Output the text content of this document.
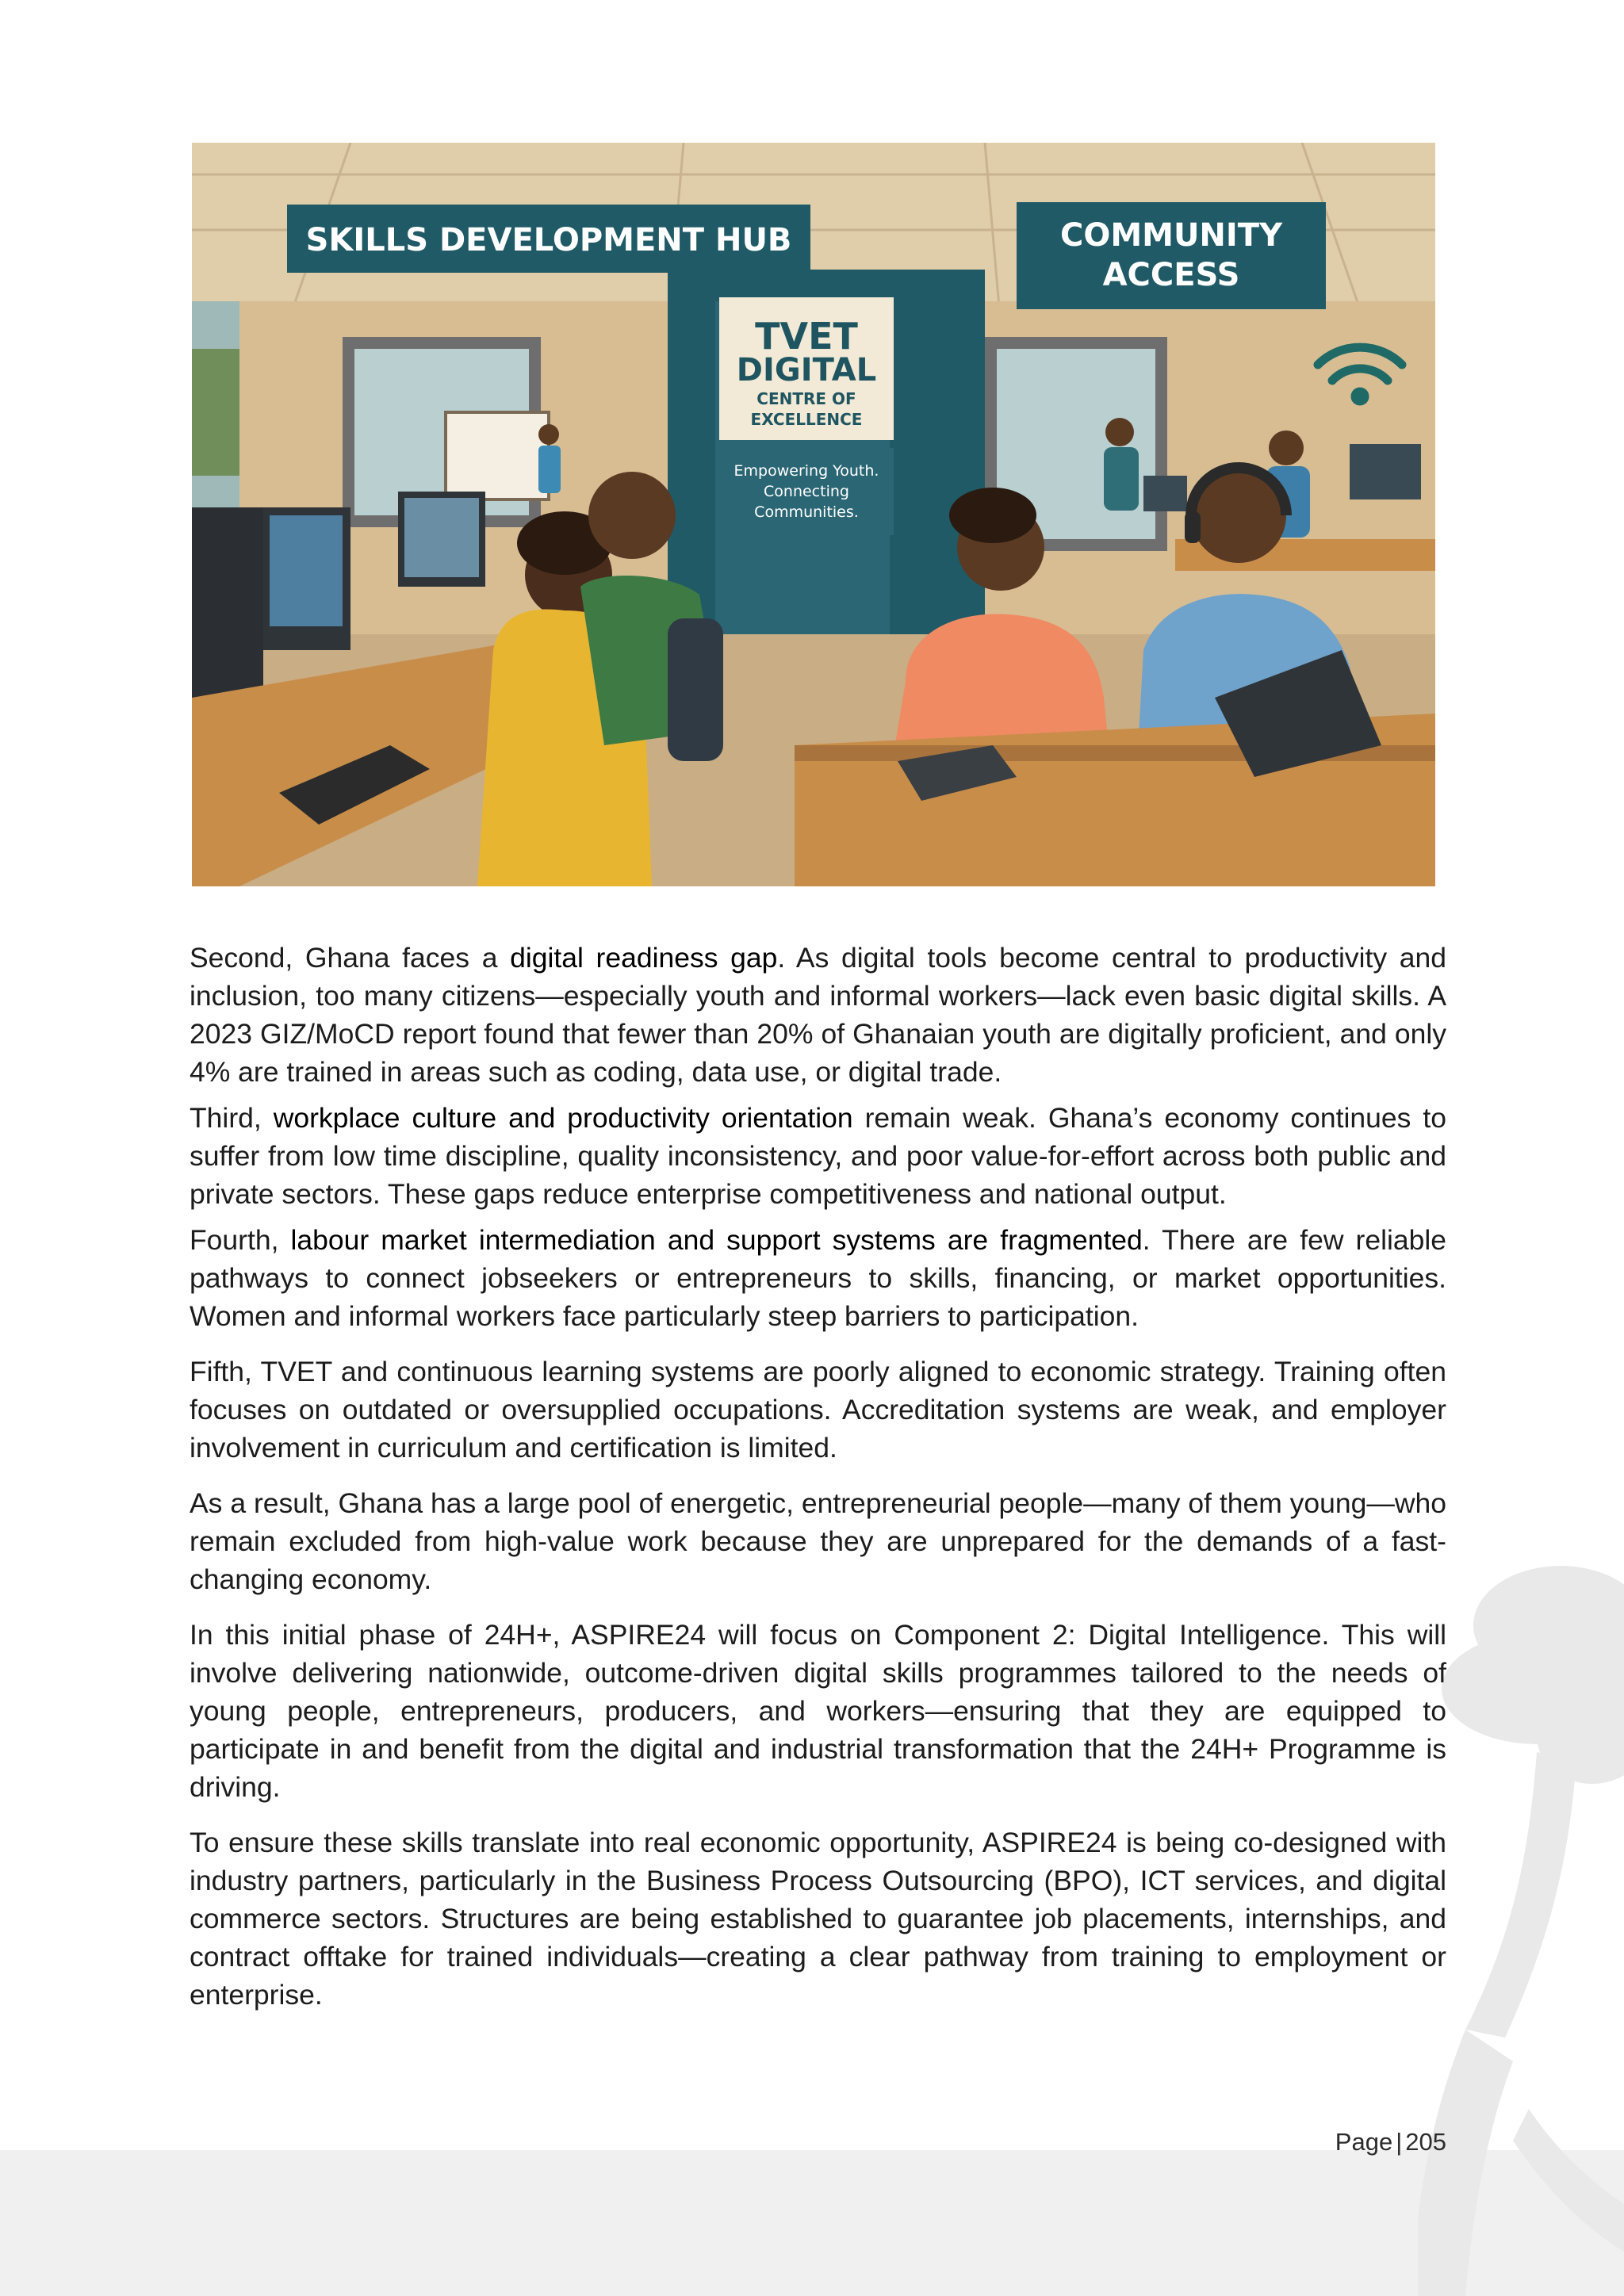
TVET
DIGITAL
CENTRE OF
EXCELLENCE
Empowering Youth.
Connecting
Communities.
SKILLS DEVELOPMENT HUB	COMMUNITY
ACCESS

Second, Ghana faces a digital readiness gap. As digital tools become central to productivity and inclusion, too many citizens—especially youth and informal workers—lack even basic digital skills. A 2023 GIZ/MoCD report found that fewer than 20% of Ghanaian youth are digitally proficient, and only 4% are trained in areas such as coding, data use, or digital trade.

Third, workplace culture and productivity orientation remain weak. Ghana’s economy continues to suffer from low time discipline, quality inconsistency, and poor value-for-effort across both public and private sectors. These gaps reduce enterprise competitiveness and national output.

Fourth, labour market intermediation and support systems are fragmented. There are few reliable pathways to connect jobseekers or entrepreneurs to skills, financing, or market opportunities. Women and informal workers face particularly steep barriers to participation.

Fifth, TVET and continuous learning systems are poorly aligned to economic strategy. Training often focuses on outdated or oversupplied occupations. Accreditation systems are weak, and employer involvement in curriculum and certification is limited.

As a result, Ghana has a large pool of energetic, entrepreneurial people—many of them young—who remain excluded from high-value work because they are unprepared for the demands of a fast-changing economy.

In this initial phase of 24H+, ASPIRE24 will focus on Component 2: Digital Intelligence. This will involve delivering nationwide, outcome-driven digital skills programmes tailored to the needs of young people, entrepreneurs, producers, and workers—ensuring that they are equipped to participate in and benefit from the digital and industrial transformation that the 24H+ Programme is driving.

To ensure these skills translate into real economic opportunity, ASPIRE24 is being co-designed with industry partners, particularly in the Business Process Outsourcing (BPO), ICT services, and digital commerce sectors. Structures are being established to guarantee job placements, internships, and contract offtake for trained individuals—creating a clear pathway from training to employment or enterprise.

Page | 205
